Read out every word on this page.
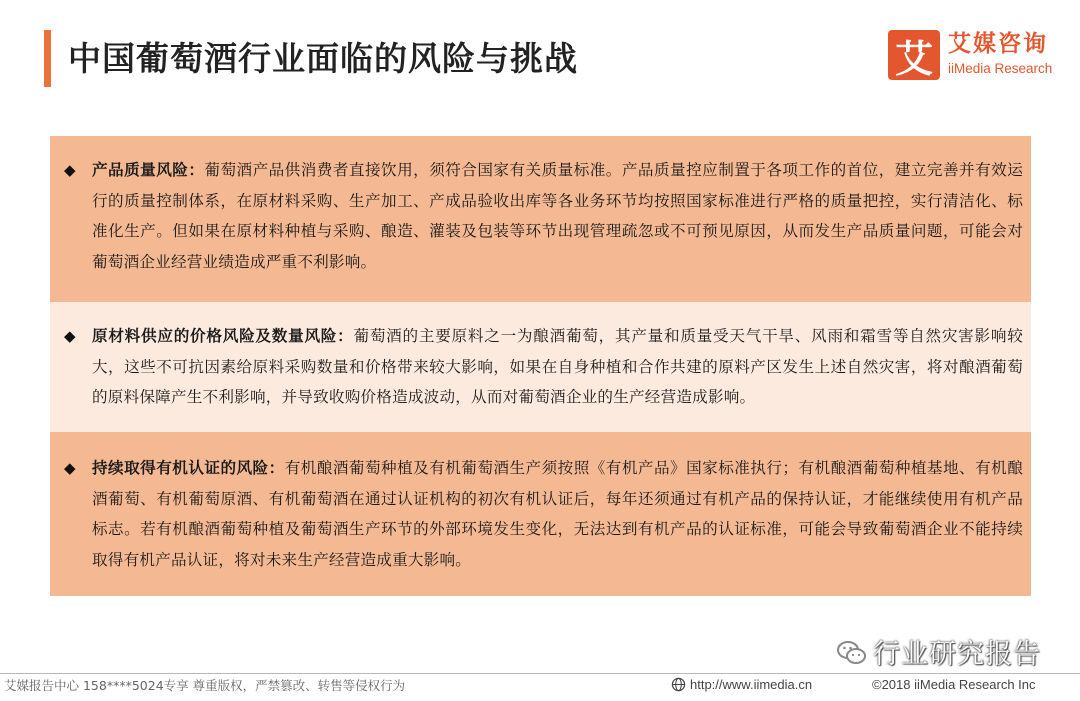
中国葡萄酒行业面临的风险与挑战	艾 艾媒咨询
iiMedia Research
◆ 产品质量风险：葡萄酒产品供消费者直接饮用，须符合国家有关质量标准。产品质量控应制置于各项工作的首位，建立完善并有效运行的质量控制体系，在原材料采购、生产加工、产成品验收出库等各业务环节均按照国家标准进行严格的质量把控，实行清洁化、标准化生产。但如果在原材料种植与采购、酿造、灌装及包装等环节出现管理疏忽或不可预见原因，从而发生产品质量问题，可能会对葡萄酒企业经营业绩造成严重不利影响。
◆ 原材料供应的价格风险及数量风险：葡萄酒的主要原料之一为酿酒葡萄，其产量和质量受天气干旱、风雨和霜雪等自然灾害影响较大，这些不可抗因素给原料采购数量和价格带来较大影响，如果在自身种植和合作共建的原料产区发生上述自然灾害，将对酿酒葡萄的原料保障产生不利影响，并导致收购价格造成波动，从而对葡萄酒企业的生产经营造成影响。
◆ 持续取得有机认证的风险：有机酿酒葡萄种植及有机葡萄酒生产须按照《有机产品》国家标准执行；有机酿酒葡萄种植基地、有机酿酒葡萄、有机葡萄原酒、有机葡萄酒在通过认证机构的初次有机认证后，每年还须通过有机产品的保持认证，才能继续使用有机产品标志。若有机酿酒葡萄种植及葡萄酒生产环节的外部环境发生变化，无法达到有机产品的认证标准，可能会导致葡萄酒企业不能持续取得有机产品认证，将对未来生产经营造成重大影响。
行业研究报告
艾媒报告中心 158****5024专享 尊重版权，严禁篡改、转售等侵权行为	http://www.iimedia.cn	©2018 iiMedia Research Inc
